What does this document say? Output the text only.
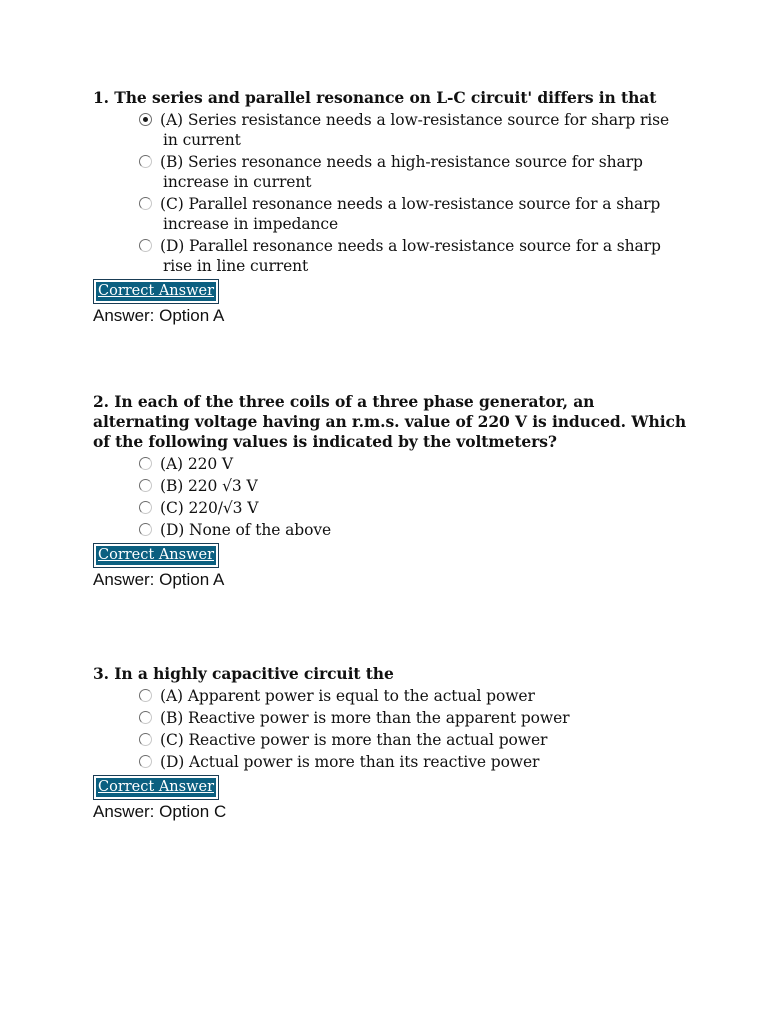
1. The series and parallel resonance on L-C circuit' differs in that
(A) Series resistance needs a low-resistance source for sharp rise in current
(B) Series resonance needs a high-resistance source for sharp increase in current
(C) Parallel resonance needs a low-resistance source for a sharp increase in impedance
(D) Parallel resonance needs a low-resistance source for a sharp rise in line current
Correct Answer
Answer: Option A
2. In each of the three coils of a three phase generator, an alternating voltage having an r.m.s. value of 220 V is induced. Which of the following values is indicated by the voltmeters?
(A) 220 V
(B) 220 √3 V
(C) 220/√3 V
(D) None of the above
Correct Answer
Answer: Option A
3. In a highly capacitive circuit the
(A) Apparent power is equal to the actual power
(B) Reactive power is more than the apparent power
(C) Reactive power is more than the actual power
(D) Actual power is more than its reactive power
Correct Answer
Answer: Option C
